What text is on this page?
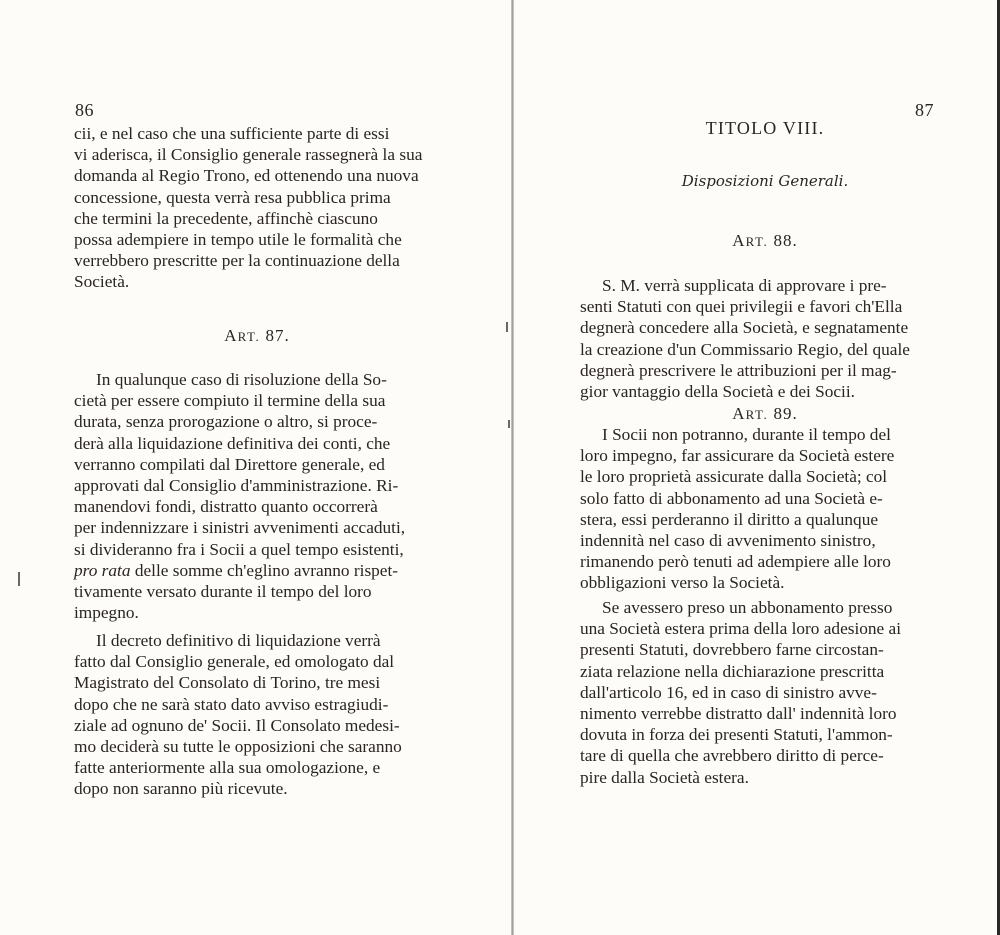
86
cii, e nel caso che una sufficiente parte di essi
vi aderisca, il Consiglio generale rassegnerà la sua
domanda al Regio Trono, ed ottenendo una nuova
concessione, questa verrà resa pubblica prima
che termini la precedente, affinchè ciascuno
possa adempiere in tempo utile le formalità che
verrebbero prescritte per la continuazione della
Società.
ART. 87.
In qualunque caso di risoluzione della So-
cietà per essere compiuto il termine della sua
durata, senza prorogazione o altro, si proce-
derà alla liquidazione definitiva dei conti, che
verranno compilati dal Direttore generale, ed
approvati dal Consiglio d'amministrazione. Ri-
manendovi fondi, distratto quanto occorrerà
per indennizzare i sinistri avvenimenti accaduti,
si divideranno fra i Socii a quel tempo esistenti,
pro rata delle somme ch'eglino avranno rispet-
tivamente versato durante il tempo del loro
impegno.
Il decreto definitivo di liquidazione verrà
fatto dal Consiglio generale, ed omologato dal
Magistrato del Consolato di Torino, tre mesi
dopo che ne sarà stato dato avviso estragiudi-
ziale ad ognuno de' Socii. Il Consolato medesi-
mo deciderà su tutte le opposizioni che saranno
fatte anteriormente alla sua omologazione, e
dopo non saranno più ricevute.
87
TITOLO VIII.
Disposizioni Generali.
ART. 88.
S. M. verrà supplicata di approvare i pre-
senti Statuti con quei privilegii e favori ch'Ella
degnerà concedere alla Società, e segnatamente
la creazione d'un Commissario Regio, del quale
degnerà prescrivere le attribuzioni per il mag-
gior vantaggio della Società e dei Socii.
ART. 89.
I Socii non potranno, durante il tempo del
loro impegno, far assicurare da Società estere
le loro proprietà assicurate dalla Società; col
solo fatto di abbonamento ad una Società e-
stera, essi perderanno il diritto a qualunque
indennità nel caso di avvenimento sinistro,
rimanendo però tenuti ad adempiere alle loro
obbligazioni verso la Società.
Se avessero preso un abbonamento presso
una Società estera prima della loro adesione ai
presenti Statuti, dovrebbero farne circostan-
ziata relazione nella dichiarazione prescritta
dall'articolo 16, ed in caso di sinistro avve-
nimento verrebbe distratto dall' indennità loro
dovuta in forza dei presenti Statuti, l'ammon-
tare di quella che avrebbero diritto di perce-
pire dalla Società estera.
